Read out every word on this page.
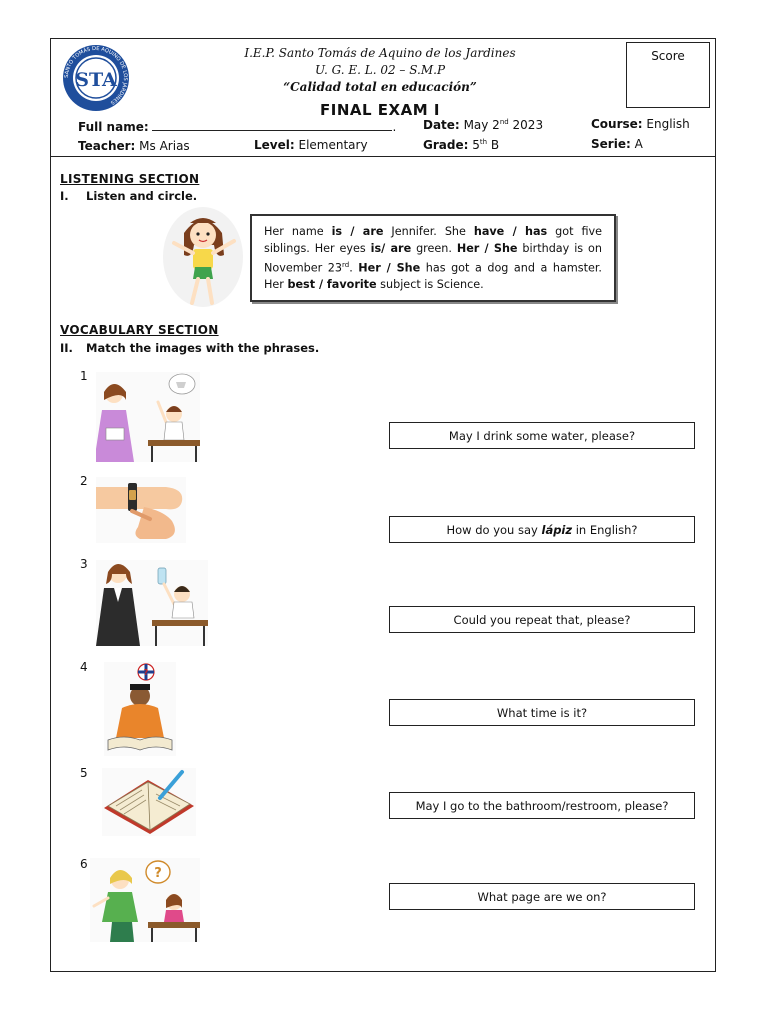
SANTO TOMÁS DE AQUINO DE LOS JARDINES
STA
I.E.P. Santo Tomás de Aquino de los Jardines
U. G. E. L. 02 – S.M.P
“Calidad total en educación”
FINAL EXAM I
Score
Full name:	. Date: May 2nd 2023	Course: English
Teacher: Ms Arias	Level: Elementary	Grade: 5th B	Serie: A
LISTENING SECTION
I. Listen and circle.
Her name is / are Jennifer. She have / has got five siblings. Her eyes is/ are green. Her / She birthday is on November 23rd. Her / She has got a dog and a hamster. Her best / favorite subject is Science.
VOCABULARY SECTION
II. Match the images with the phrases.
1
2
3
4
5
6
?
?
May I drink some water, please?
How do you say lápiz in English?
Could you repeat that, please?
What time is it?
May I go to the bathroom/restroom, please?
What page are we on?
